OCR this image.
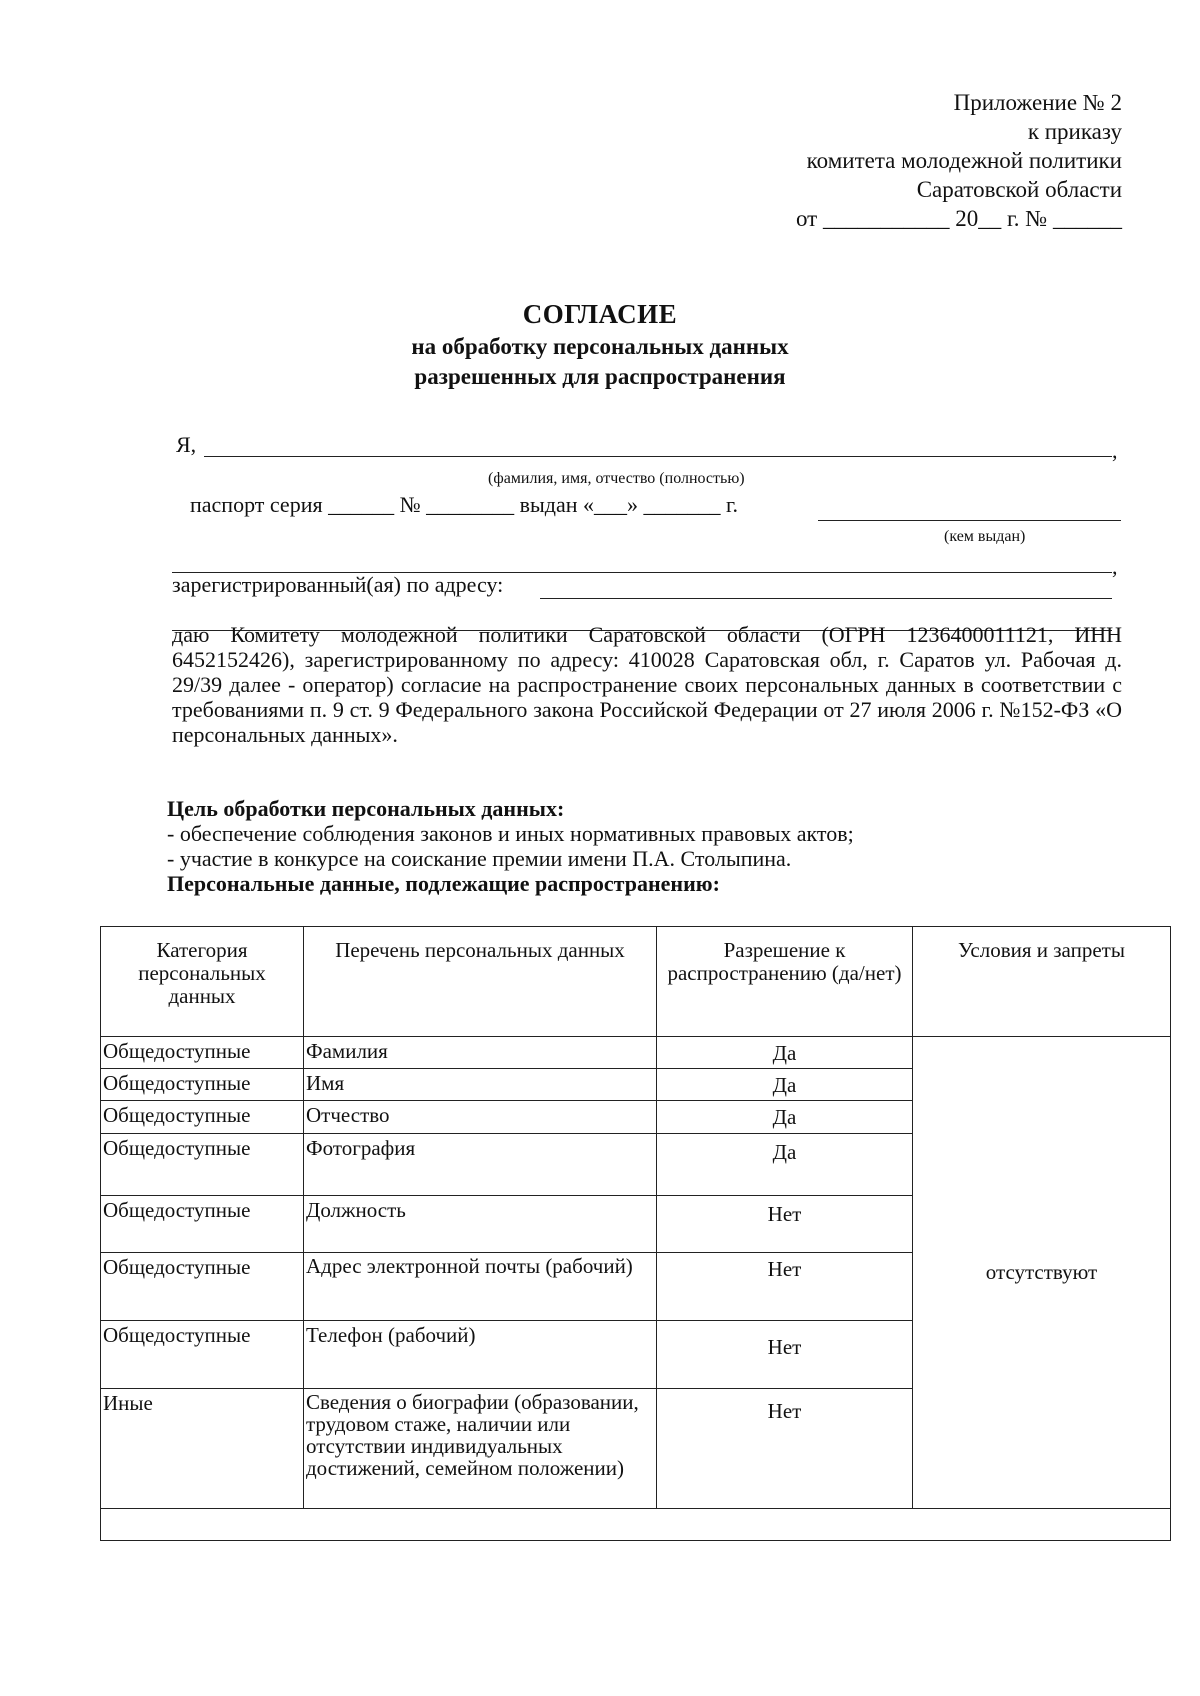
Приложение № 2
к приказу
комитета молодежной политики
Саратовской области
от ___________ 20__ г. № ______
СОГЛАСИЕ
на обработку персональных данных
разрешенных для распространения
Я,	,
(фамилия, имя, отчество (полностью)
паспорт серия ______ № ________ выдан «___» _______ г.
(кем выдан)
,
зарегистрированный(ая) по адресу:
даю Комитету молодежной политики Саратовской области (ОГРН 1236400011121, ИНН 6452152426), зарегистрированному по адресу: 410028 Саратовская обл, г. Саратов ул. Рабочая д. 29/39 далее - оператор) согласие на распространение своих персональных данных в соответствии с требованиями п. 9 ст. 9 Федерального закона Российской Федерации от 27 июля 2006 г. №152-ФЗ «О персональных данных».
Цель обработки персональных данных:
- обеспечение соблюдения законов и иных нормативных правовых актов;
- участие в конкурсе на соискание премии имени П.А. Столыпина.
Персональные данные, подлежащие распространению:
Категория персональных данных	Перечень персональных данных	Разрешение к распространению (да/нет)	Условия и запреты
Общедоступные	Фамилия	Да	отсутствуют
Общедоступные	Имя	Да	
Общедоступные	Отчество	Да	
Общедоступные	Фотография	Да	
Общедоступные	Должность	Нет	
Общедоступные	Адрес электронной почты (рабочий)	Нет	
Общедоступные	Телефон (рабочий)	Нет	
Иные	Сведения о биографии (образовании, трудовом стаже, наличии или отсутствии индивидуальных достижений, семейном положении)	Нет	
